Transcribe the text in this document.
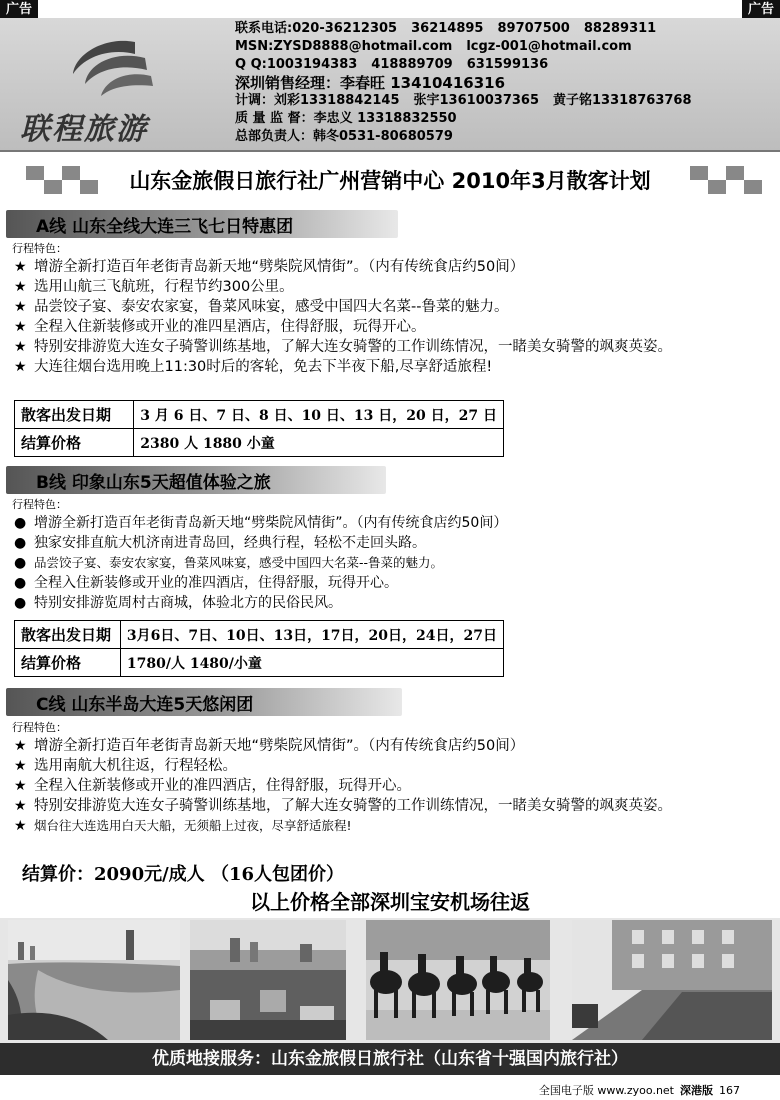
广告	广告
联程旅游
联系电话:020-36212305 36214895 89707500 88289311
MSN:ZYSD8888@hotmail.com lcgz-001@hotmail.com
Q Q:1003194383 418889709 631599136
深圳销售经理：李春旺 13410416316
计调：刘彩13318842145 张宇13610037365 黄子铭13318763768
质 量 监 督：李忠义 13318832550
总部负责人：韩冬0531-80680579
山东金旅假日旅行社广州营销中心 2010年3月散客计划
A线 山东全线大连三飞七日特惠团
行程特色：
★ 增游全新打造百年老街青岛新天地“劈柴院风情街”。（内有传统食店约50间）
★ 选用山航三飞航班，行程节约300公里。
★ 品尝饺子宴、泰安农家宴，鲁菜风味宴，感受中国四大名菜--鲁菜的魅力。
★ 全程入住新装修或开业的准四星酒店，住得舒服，玩得开心。
★ 特别安排游览大连女子骑警训练基地，了解大连女骑警的工作训练情况，一睹美女骑警的飒爽英姿。
★ 大连往烟台选用晚上11:30时后的客轮，免去下半夜下船,尽享舒适旅程!
散客出发日期	3 月 6 日、7 日、8 日、10 日、13 日，20 日，27 日
结算价格	2380 人 1880 小童
B线 印象山东5天超值体验之旅
行程特色：
● 增游全新打造百年老街青岛新天地“劈柴院风情街”。（内有传统食店约50间）
● 独家安排直航大机济南进青岛回，经典行程，轻松不走回头路。
● 品尝饺子宴、泰安农家宴，鲁菜风味宴，感受中国四大名菜--鲁菜的魅力。
● 全程入住新装修或开业的准四酒店，住得舒服，玩得开心。
● 特别安排游览周村古商城，体验北方的民俗民风。
散客出发日期	3月6日、7日、10日、13日，17日，20日，24日，27日
结算价格	1780/人 1480/小童
C线 山东半岛大连5天悠闲团
行程特色：
★ 增游全新打造百年老街青岛新天地“劈柴院风情街”。（内有传统食店约50间）
★ 选用南航大机往返，行程轻松。
★ 全程入住新装修或开业的准四酒店，住得舒服，玩得开心。
★ 特别安排游览大连女子骑警训练基地，了解大连女骑警的工作训练情况，一睹美女骑警的飒爽英姿。
★ 烟台往大连选用白天大船，无须船上过夜，尽享舒适旅程!
结算价：2090元/成人 （16人包团价）
以上价格全部深圳宝安机场往返
优质地接服务：山东金旅假日旅行社（山东省十强国内旅行社）
全国电子版 www.zyoo.net 深港版 167
